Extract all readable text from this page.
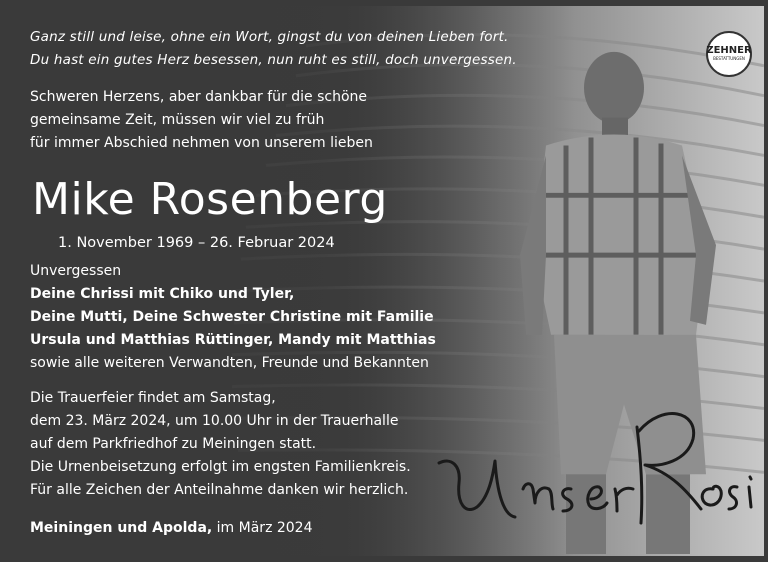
ZEHNER
BESTATTUNGEN

Ganz still und leise, ohne ein Wort, gingst du von deinen Lieben fort.

Du hast ein gutes Herz besessen, nun ruht es still, doch unvergessen.

Schweren Herzens, aber dankbar für die schöne

gemeinsame Zeit, müssen wir viel zu früh

für immer Abschied nehmen von unserem lieben

Mike Rosenberg

1. November 1969 – 26. Februar 2024

Unvergessen

Deine Chrissi mit Chiko und Tyler,

Deine Mutti, Deine Schwester Christine mit Familie

Ursula und Matthias Rüttinger, Mandy mit Matthias

sowie alle weiteren Verwandten, Freunde und Bekannten

Die Trauerfeier findet am Samstag,

dem 23. März 2024, um 10.00 Uhr in der Trauerhalle

auf dem Parkfriedhof zu Meiningen statt.

Die Urnenbeisetzung erfolgt im engsten Familienkreis.

Für alle Zeichen der Anteilnahme danken wir herzlich.

Meiningen und Apolda, im März 2024
